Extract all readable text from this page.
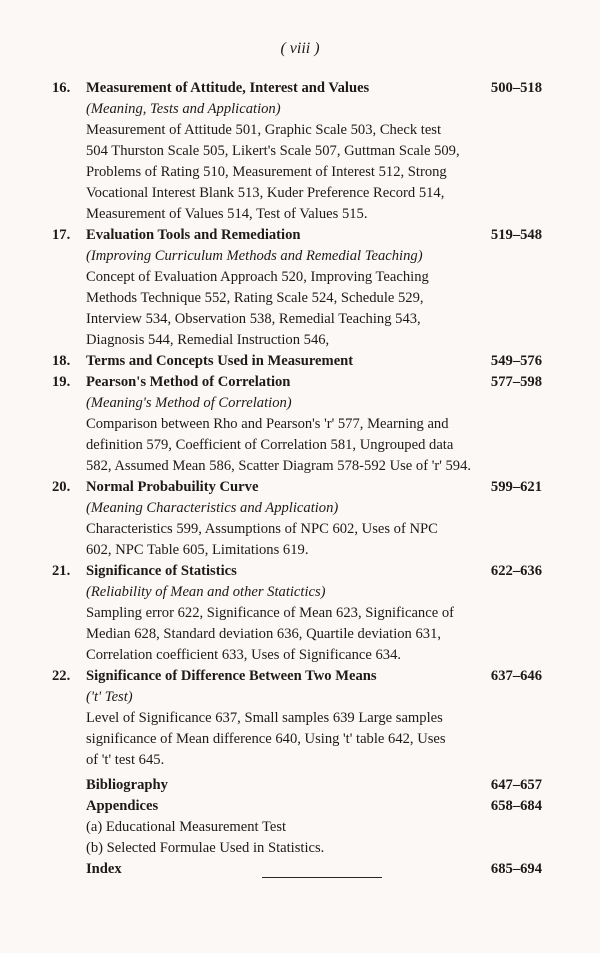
( viii )
16.	Measurement of Attitude, Interest and Values	500–518
(Meaning, Tests and Application)
Measurement of Attitude 501, Graphic Scale 503, Check test
504 Thurston Scale 505, Likert's Scale 507, Guttman Scale 509,
Problems of Rating 510, Measurement of Interest 512, Strong
Vocational Interest Blank 513, Kuder Preference Record 514,
Measurement of Values 514, Test of Values 515.
17.	Evaluation Tools and Remediation	519–548
(Improving Curriculum Methods and Remedial Teaching)
Concept of Evaluation Approach 520, Improving Teaching
Methods Technique 552, Rating Scale 524, Schedule 529,
Interview 534, Observation 538, Remedial Teaching 543,
Diagnosis 544, Remedial Instruction 546,
18.	Terms and Concepts Used in Measurement	549–576
19.	Pearson's Method of Correlation	577–598
(Meaning's Method of Correlation)
Comparison between Rho and Pearson's 'r' 577, Mearning and
definition 579, Coefficient of Correlation 581, Ungrouped data
582, Assumed Mean 586, Scatter Diagram 578-592 Use of 'r' 594.
20.	Normal Probabuility Curve	599–621
(Meaning Characteristics and Application)
Characteristics 599, Assumptions of NPC 602, Uses of NPC
602, NPC Table 605, Limitations 619.
21.	Significance of Statistics	622–636
(Reliability of Mean and other Statictics)
Sampling error 622, Significance of Mean 623, Significance of
Median 628, Standard deviation 636, Quartile deviation 631,
Correlation coefficient 633, Uses of Significance 634.
22.	Significance of Difference Between Two Means	637–646
('t' Test)
Level of Significance 637, Small samples 639 Large samples
significance of Mean difference 640, Using 't' table 642, Uses
of 't' test 645.
Bibliography	647–657
Appendices	658–684
(a) Educational Measurement Test
(b) Selected Formulae Used in Statistics.
Index	685–694
